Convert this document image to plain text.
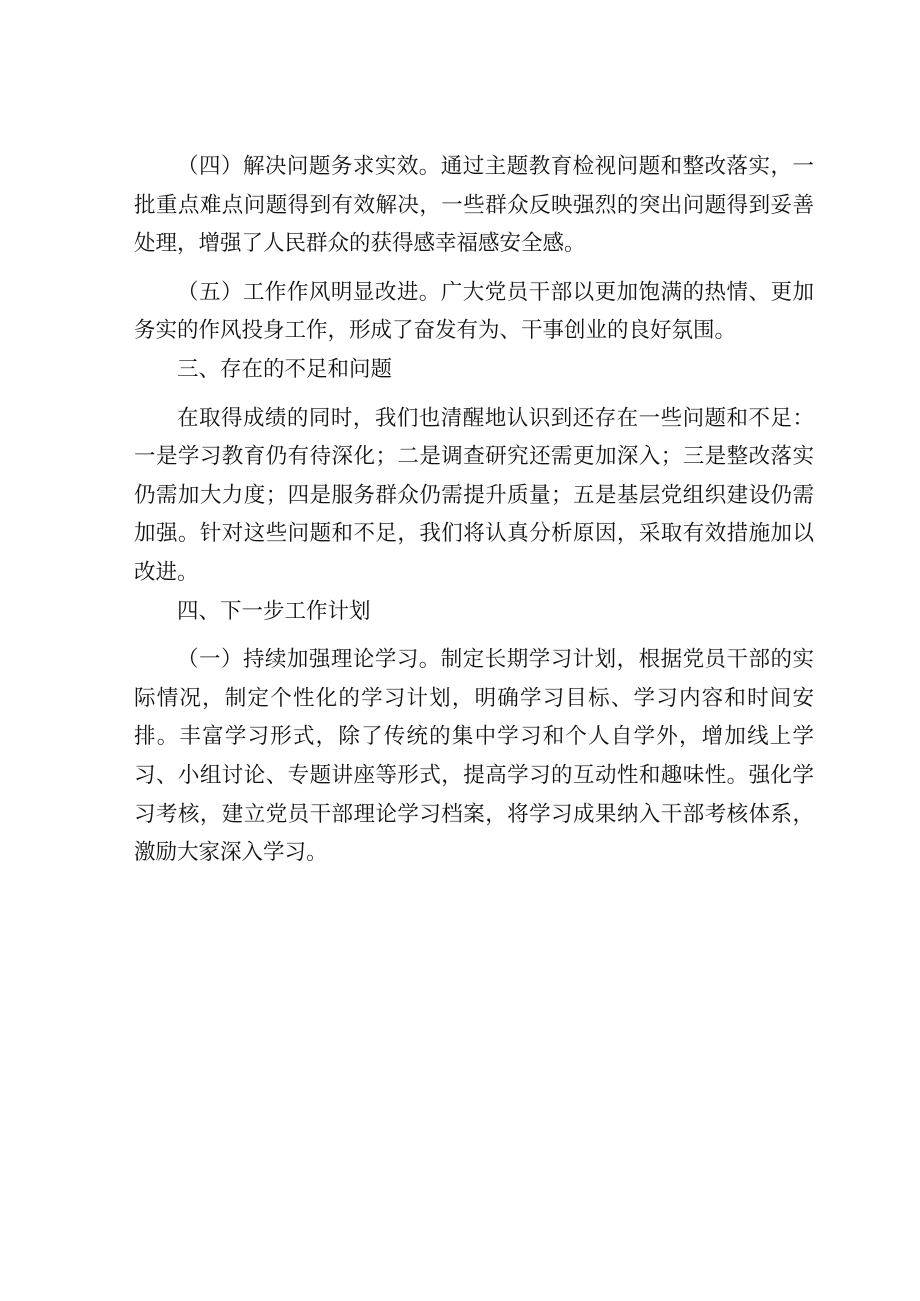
（四）解决问题务求实效。通过主题教育检视问题和整改落实，一批重点难点问题得到有效解决，一些群众反映强烈的突出问题得到妥善处理，增强了人民群众的获得感幸福感安全感。

（五）工作作风明显改进。广大党员干部以更加饱满的热情、更加务实的作风投身工作，形成了奋发有为、干事创业的良好氛围。

三、存在的不足和问题

在取得成绩的同时，我们也清醒地认识到还存在一些问题和不足：一是学习教育仍有待深化；二是调查研究还需更加深入；三是整改落实仍需加大力度；四是服务群众仍需提升质量；五是基层党组织建设仍需加强。针对这些问题和不足，我们将认真分析原因，采取有效措施加以改进。

四、下一步工作计划

（一）持续加强理论学习。制定长期学习计划，根据党员干部的实际情况，制定个性化的学习计划，明确学习目标、学习内容和时间安排。丰富学习形式，除了传统的集中学习和个人自学外，增加线上学习、小组讨论、专题讲座等形式，提高学习的互动性和趣味性。强化学习考核，建立党员干部理论学习档案，将学习成果纳入干部考核体系，激励大家深入学习。
